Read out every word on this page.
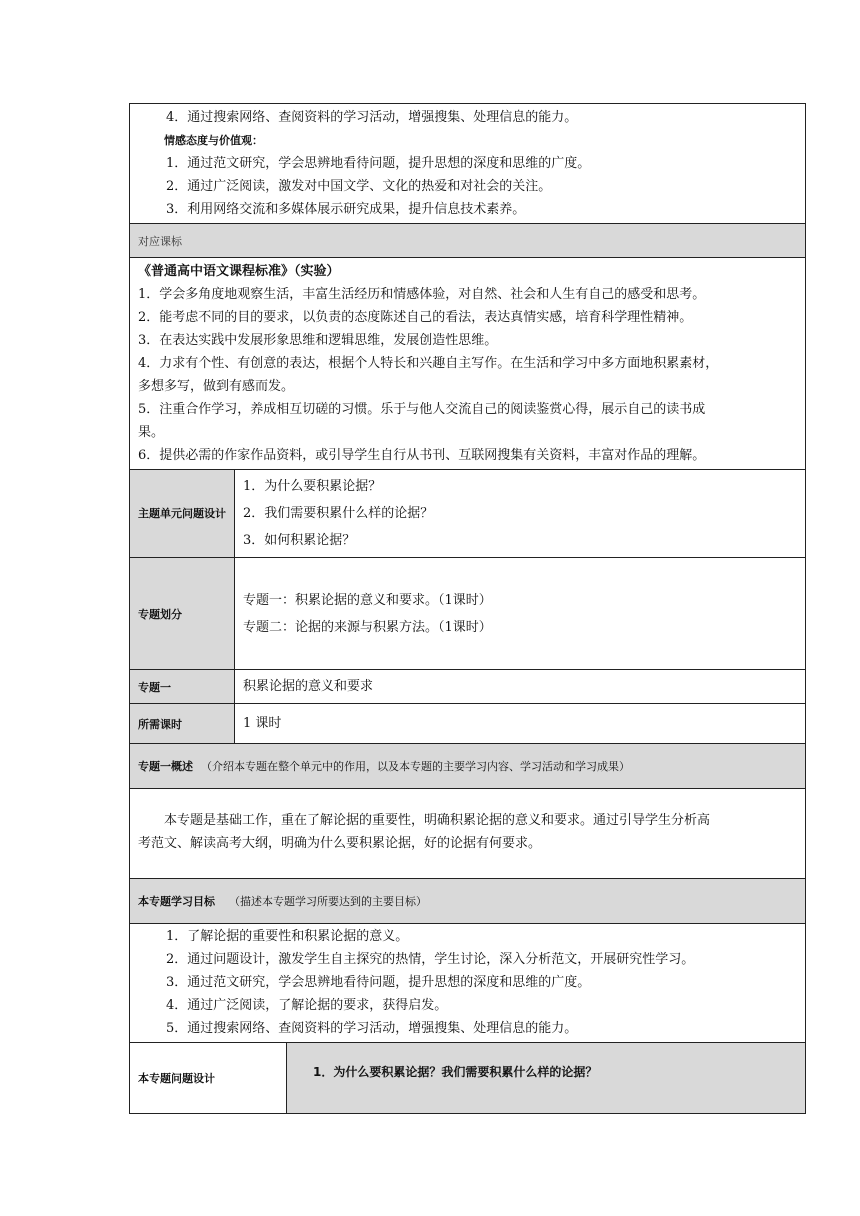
4．通过搜索网络、查阅资料的学习活动，增强搜集、处理信息的能力。
情感态度与价值观：
1．通过范文研究，学会思辨地看待问题，提升思想的深度和思维的广度。
2．通过广泛阅读，激发对中国文学、文化的热爱和对社会的关注。
3．利用网络交流和多媒体展示研究成果，提升信息技术素养。
对应课标
《普通高中语文课程标准》（实验）
1．学会多角度地观察生活，丰富生活经历和情感体验，对自然、社会和人生有自己的感受和思考。
2．能考虑不同的目的要求，以负责的态度陈述自己的看法，表达真情实感，培育科学理性精神。
3．在表达实践中发展形象思维和逻辑思维，发展创造性思维。
4．力求有个性、有创意的表达，根据个人特长和兴趣自主写作。在生活和学习中多方面地积累素材，
多想多写，做到有感而发。
5．注重合作学习，养成相互切磋的习惯。乐于与他人交流自己的阅读鉴赏心得，展示自己的读书成
果。
6．提供必需的作家作品资料，或引导学生自行从书刊、互联网搜集有关资料，丰富对作品的理解。
主题单元问题设计
1．为什么要积累论据？
2．我们需要积累什么样的论据？
3．如何积累论据？
专题划分
专题一：积累论据的意义和要求。（1课时）
专题二：论据的来源与积累方法。（1课时）
专题一	积累论据的意义和要求
所需课时	1 课时
专题一概述 （介绍本专题在整个单元中的作用，以及本专题的主要学习内容、学习活动和学习成果）
本专题是基础工作，重在了解论据的重要性，明确积累论据的意义和要求。通过引导学生分析高
考范文、解读高考大纲，明确为什么要积累论据，好的论据有何要求。
本专题学习目标 （描述本专题学习所要达到的主要目标）
1．了解论据的重要性和积累论据的意义。
2．通过问题设计，激发学生自主探究的热情，学生讨论，深入分析范文，开展研究性学习。
3．通过范文研究，学会思辨地看待问题，提升思想的深度和思维的广度。
4．通过广泛阅读，了解论据的要求，获得启发。
5．通过搜索网络、查阅资料的学习活动，增强搜集、处理信息的能力。
本专题问题设计	1．为什么要积累论据？我们需要积累什么样的论据？
